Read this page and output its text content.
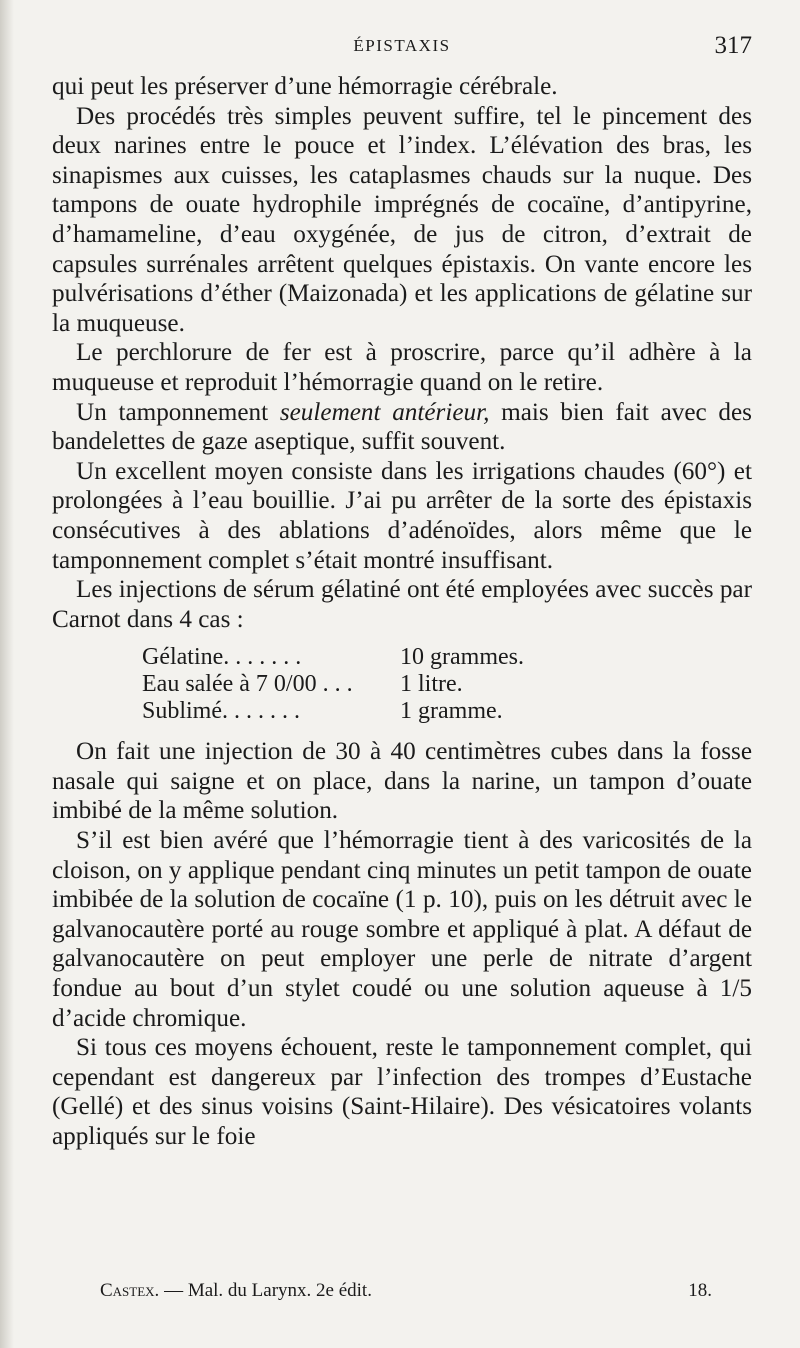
ÉPISTAXIS	317

qui peut les préserver d’une hémorragie cérébrale.

Des procédés très simples peuvent suffire, tel le pincement des deux narines entre le pouce et l’index. L’élévation des bras, les sinapismes aux cuisses, les cataplasmes chauds sur la nuque. Des tampons de ouate hydrophile imprégnés de cocaïne, d’antipyrine, d’hamameline, d’eau oxygénée, de jus de citron, d’extrait de capsules surrénales arrêtent quelques épistaxis. On vante encore les pulvérisations d’éther (Maizonada) et les applications de gélatine sur la muqueuse.

Le perchlorure de fer est à proscrire, parce qu’il adhère à la muqueuse et reproduit l’hémorragie quand on le retire.

Un tamponnement seulement antérieur, mais bien fait avec des bandelettes de gaze aseptique, suffit souvent.

Un excellent moyen consiste dans les irrigations chaudes (60°) et prolongées à l’eau bouillie. J’ai pu arrêter de la sorte des épistaxis consécutives à des ablations d’adénoïdes, alors même que le tamponnement complet s’était montré insuffisant.

Les injections de sérum gélatiné ont été employées avec succès par Carnot dans 4 cas :

Gélatine. . . . . . .	10 grammes.
Eau salée à 7 0/00 . . .	1 litre.
Sublimé. . . . . . .	1 gramme.

On fait une injection de 30 à 40 centimètres cubes dans la fosse nasale qui saigne et on place, dans la narine, un tampon d’ouate imbibé de la même solution.

S’il est bien avéré que l’hémorragie tient à des varicosités de la cloison, on y applique pendant cinq minutes un petit tampon de ouate imbibée de la solution de cocaïne (1 p. 10), puis on les détruit avec le galvanocautère porté au rouge sombre et appliqué à plat. A défaut de galvanocautère on peut employer une perle de nitrate d’argent fondue au bout d’un stylet coudé ou une solution aqueuse à 1/5 d’acide chromique.

Si tous ces moyens échouent, reste le tamponnement complet, qui cependant est dangereux par l’infection des trompes d’Eustache (Gellé) et des sinus voisins (Saint-Hilaire). Des vésicatoires volants appliqués sur le foie

Castex. — Mal. du Larynx. 2e édit.	18.
